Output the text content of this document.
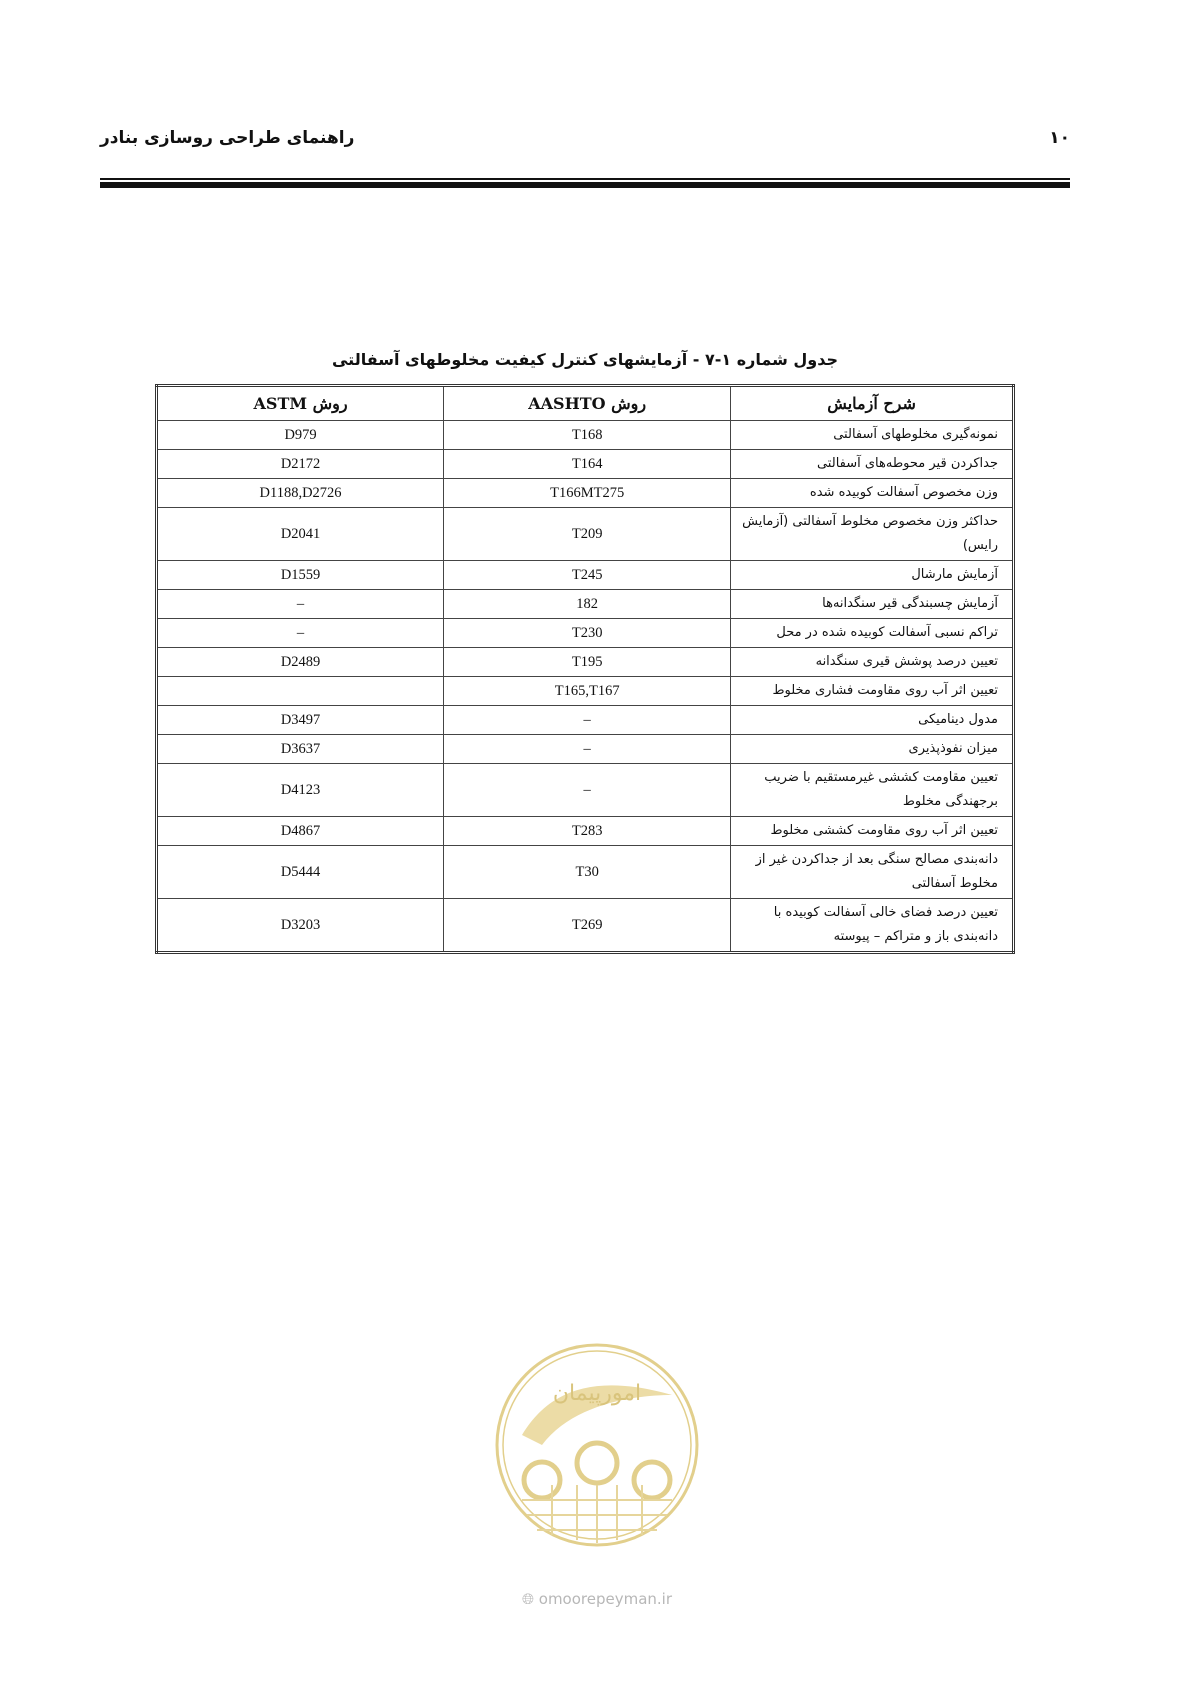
راهنمای طراحی روسازی بنادر	۱۰
جدول شماره ۱-۷ - آزمایشهای کنترل کیفیت مخلوطهای آسفالتی
شرح آزمایش	روش AASHTO	روش ASTM
نمونه‌گیری مخلوطهای آسفالتی	T168	D979
جداکردن قیر محوطه‌های آسفالتی	T164	D2172
وزن مخصوص آسفالت کوبیده شده	T166MT275	D1188,D2726
حداکثر وزن مخصوص مخلوط آسفالتی (آزمایش رایس)	T209	D2041
آزمایش مارشال	T245	D1559
آزمایش چسبندگی قیر سنگدانه‌ها	182	–
تراکم نسبی آسفالت کوبیده شده در محل	T230	–
تعیین درصد پوشش قیری سنگدانه	T195	D2489
تعیین اثر آب روی مقاومت فشاری مخلوط	T165,T167	
مدول دینامیکی	–	D3497
میزان نفوذپذیری	–	D3637
تعیین مقاومت کششی غیرمستقیم با ضریب برجهندگی مخلوط	–	D4123
تعیین اثر آب روی مقاومت کششی مخلوط	T283	D4867
دانه‌بندی مصالح سنگی بعد از جداکردن غیر از مخلوط آسفالتی	T30	D5444
تعیین درصد فضای خالی آسفالت کوبیده با دانه‌بندی باز و متراکم – پیوسته	T269	D3203
امورپیمان
🌐︎ omoorepeyman.ir
